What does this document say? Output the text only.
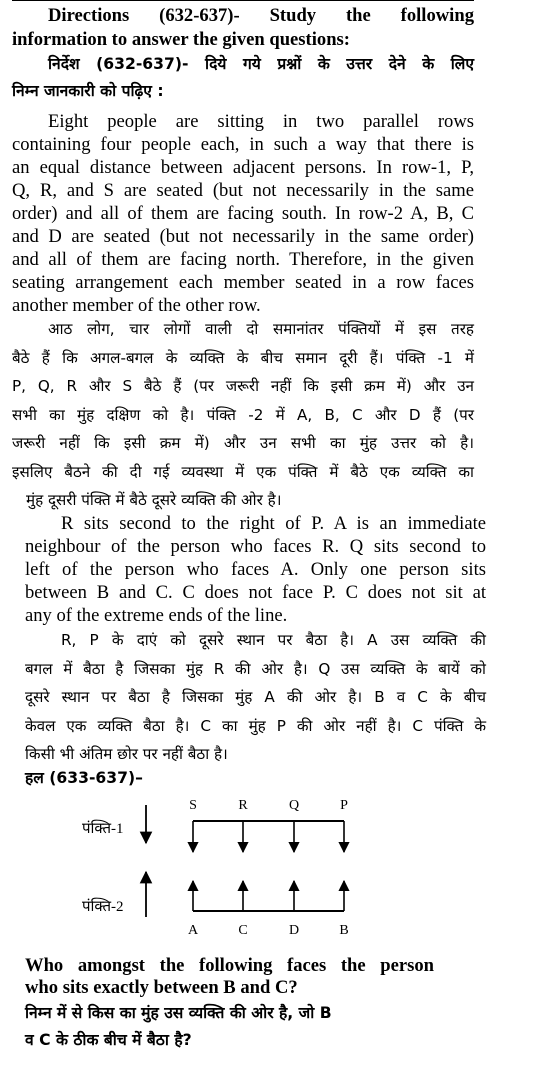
Directions (632-637)- Study the following
information to answer the given questions:
निर्देश (632-637)- दिये गये प्रश्नों के उत्तर देने के लिए
निम्न जानकारी को पढ़िए :
Eight people are sitting in two parallel rows
containing four people each, in such a way that there is
an equal distance between adjacent persons. In row-1, P,
Q, R, and S are seated (but not necessarily in the same
order) and all of them are facing south. In row-2 A, B, C
and D are seated (but not necessarily in the same order)
and all of them are facing north. Therefore, in the given
seating arrangement each member seated in a row faces
another member of the other row.
आठ लोग, चार लोगों वाली दो समानांतर पंक्तियों में इस तरह
बैठे हैं कि अगल-बगल के व्यक्ति के बीच समान दूरी हैं। पंक्ति -1 में
P, Q, R और S बैठे हैं (पर जरूरी नहीं कि इसी क्रम में) और उन
सभी का मुंह दक्षिण को है। पंक्ति -2 में A, B, C और D हैं (पर
जरूरी नहीं कि इसी क्रम में) और उन सभी का मुंह उत्तर को है।
इसलिए बैठने की दी गई व्यवस्था में एक पंक्ति में बैठे एक व्यक्ति का
मुंह दूसरी पंक्ति में बैठे दूसरे व्यक्ति की ओर है।
R sits second to the right of P. A is an immediate
neighbour of the person who faces R. Q sits second to
left of the person who faces A. Only one person sits
between B and C. C does not face P. C does not sit at
any of the extreme ends of the line.
R, P के दाएं को दूसरे स्थान पर बैठा है। A उस व्यक्ति की
बगल में बैठा है जिसका मुंह R की ओर है। Q उस व्यक्ति के बायें को
दूसरे स्थान पर बैठा है जिसका मुंह A की ओर है। B व C के बीच
केवल एक व्यक्ति बैठा है। C का मुंह P की ओर नहीं है। C पंक्ति के
किसी भी अंतिम छोर पर नहीं बैठा है।
हल (633-637)–
पंक्ति-1
पंक्ति-2
S	R	Q	P
A	C	D	B
Who amongst the following faces the person
who sits exactly between B and C?
निम्न में से किस का मुंह उस व्यक्ति की ओर है, जो B
व C के ठीक बीच में बैठा है?
